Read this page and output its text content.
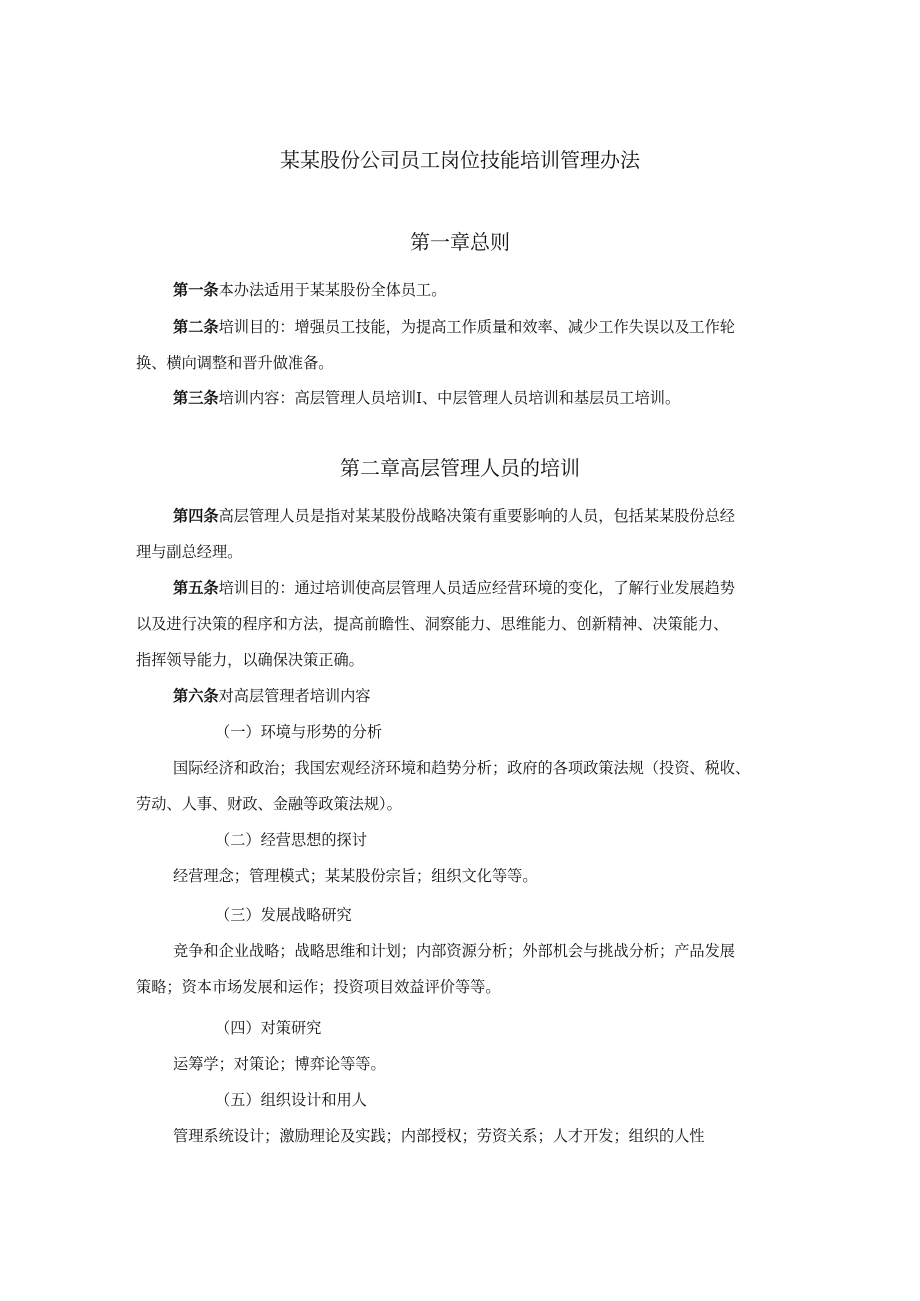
某某股份公司员工岗位技能培训管理办法
第一章总则
第一条本办法适用于某某股份全体员工。
第二条培训目的：增强员工技能，为提高工作质量和效率、减少工作失误以及工作轮
换、横向调整和晋升做准备。
第三条培训内容：高层管理人员培训I、中层管理人员培训和基层员工培训。
第二章高层管理人员的培训
第四条高层管理人员是指对某某股份战略决策有重要影响的人员，包括某某股份总经
理与副总经理。
第五条培训目的：通过培训使高层管理人员适应经营环境的变化，了解行业发展趋势
以及进行决策的程序和方法，提高前瞻性、洞察能力、思维能力、创新精神、决策能力、
指挥领导能力，以确保决策正确。
第六条对高层管理者培训内容
（一）环境与形势的分析
国际经济和政治；我国宏观经济环境和趋势分析；政府的各项政策法规（投资、税收、
劳动、人事、财政、金融等政策法规）。
（二）经营思想的探讨
经营理念；管理模式；某某股份宗旨；组织文化等等。
（三）发展战略研究
竞争和企业战略；战略思维和计划；内部资源分析；外部机会与挑战分析；产品发展
策略；资本市场发展和运作；投资项目效益评价等等。
（四）对策研究
运筹学；对策论；博弈论等等。
（五）组织设计和用人
管理系统设计；激励理论及实践；内部授权；劳资关系；人才开发；组织的人性
